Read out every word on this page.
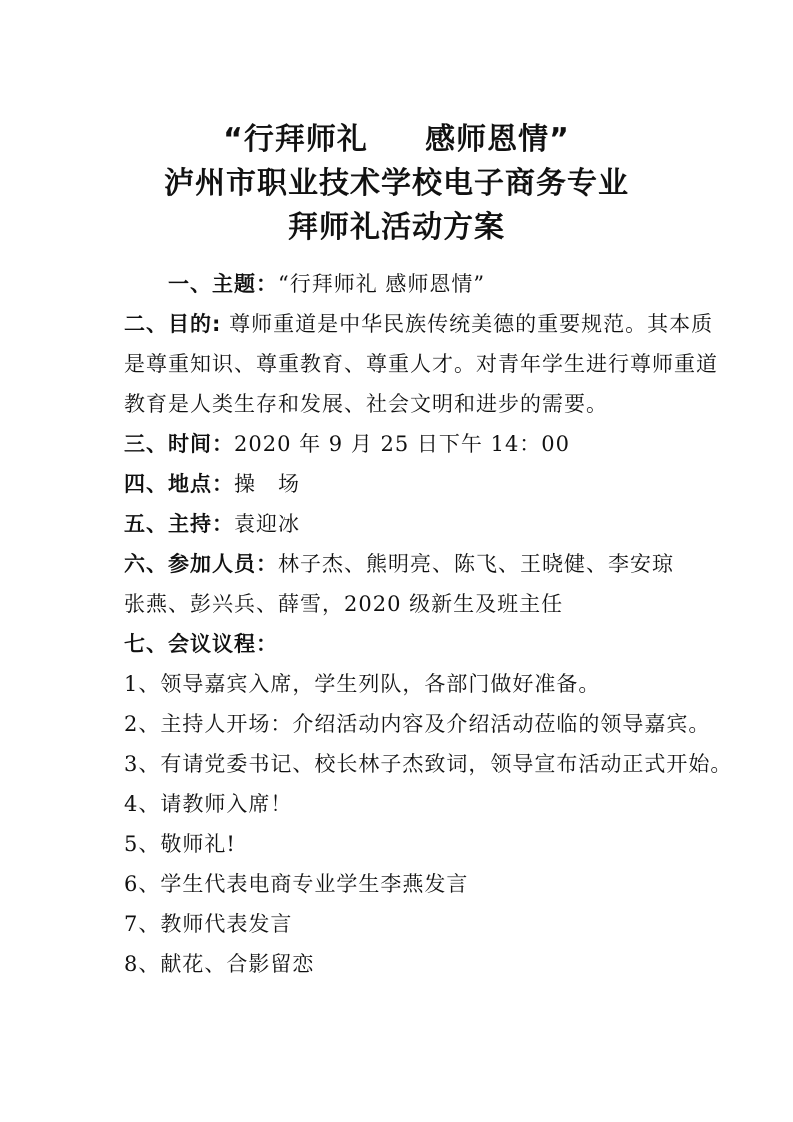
“行拜师礼     感师恩情”
泸州市职业技术学校电子商务专业
拜师礼活动方案
一、主题：“行拜师礼 感师恩情”
二、目的: 尊师重道是中华民族传统美德的重要规范。其本质
是尊重知识、尊重教育、尊重人才。对青年学生进行尊师重道
教育是人类生存和发展、社会文明和进步的需要。
三、时间：2020 年 9 月 25 日下午 14：00
四、地点：操　场
五、主持：袁迎冰
六、参加人员：林子杰、熊明亮、陈飞、王晓健、李安琼
张燕、彭兴兵、薛雪，2020 级新生及班主任
七、会议议程：
1、领导嘉宾入席，学生列队，各部门做好准备。
2、主持人开场：介绍活动内容及介绍活动莅临的领导嘉宾。
3、有请党委书记、校长林子杰致词，领导宣布活动正式开始。
4、请教师入席！
5、敬师礼!
6、学生代表电商专业学生李燕发言
7、教师代表发言
8、献花、合影留恋
